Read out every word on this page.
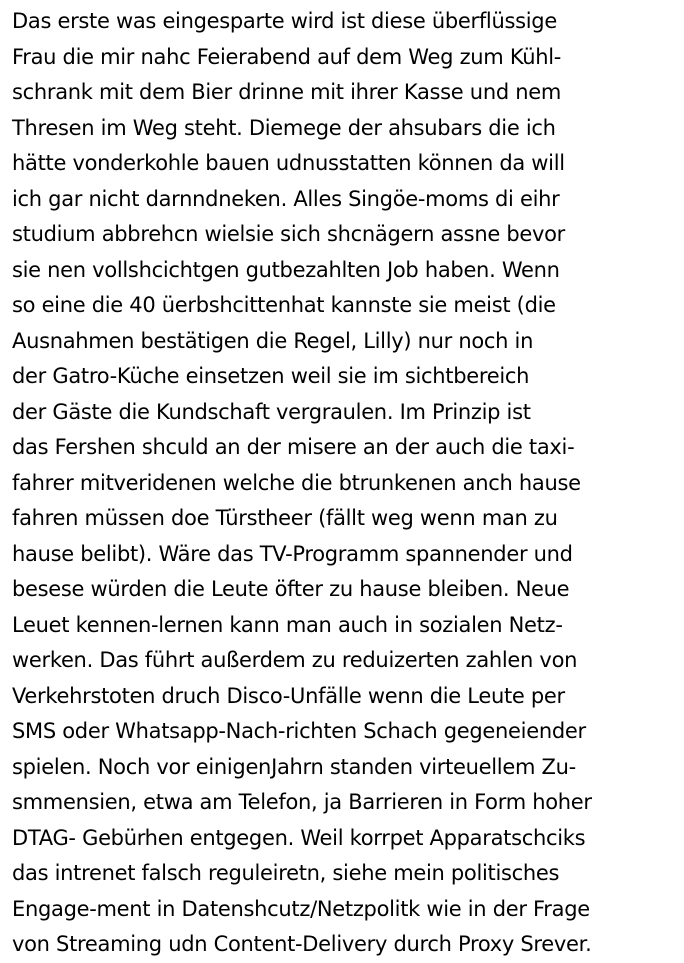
Das erste was eingesparte wird ist diese überflüssige
Frau die mir nahc Feierabend auf dem Weg zum Kühl-
schrank mit dem Bier drinne mit ihrer Kasse und nem
Thresen im Weg steht. Diemege der ahsubars die ich
hätte vonderkohle bauen udnusstatten können da will
ich gar nicht darnndneken. Alles Singöe-moms di eihr
studium abbrehcn wielsie sich shcnägern assne bevor
sie nen vollshcichtgen gutbezahlten Job haben. Wenn
so eine die 40 üerbshcittenhat kannste sie meist (die
Ausnahmen bestätigen die Regel, Lilly) nur noch in
der Gatro-Küche einsetzen weil sie im sichtbereich
der Gäste die Kundschaft vergraulen. Im Prinzip ist
das Fershen shculd an der misere an der auch die taxi-
fahrer mitveridenen welche die btrunkenen anch hause
fahren müssen doe Türstheer (fällt weg wenn man zu
hause belibt). Wäre das TV-Programm spannender und
besese würden die Leute öfter zu hause bleiben. Neue
Leuet kennen-lernen kann man auch in sozialen Netz-
werken. Das führt außerdem zu reduizerten zahlen von
Verkehrstoten druch Disco-Unfälle wenn die Leute per
SMS oder Whatsapp-Nach-richten Schach gegeneiender
spielen. Noch vor einigenJahrn standen virteuellem Zu-
smmensien, etwa am Telefon, ja Barrieren in Form hoher
DTAG- Gebürhen entgegen. Weil korrpet Apparatschciks
das intrenet falsch reguleiretn, siehe mein politisches
Engage-ment in Datenshcutz/Netzpolitk wie in der Frage
von Streaming udn Content-Delivery durch Proxy Srever.
